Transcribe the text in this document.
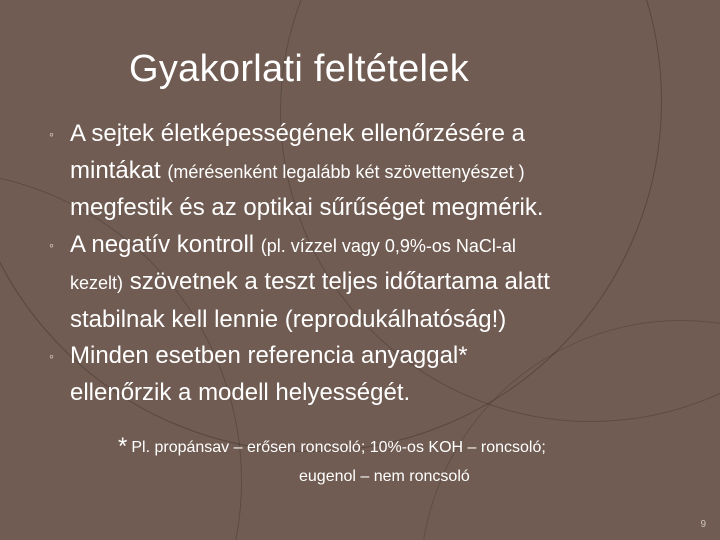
Gyakorlati feltételek
◦ A sejtek életképességének ellenőrzésére a
mintákat (mérésenként legalább két szövettenyészet )
megfestik és az optikai sűrűséget megmérik.
◦ A negatív kontroll (pl. vízzel vagy 0,9%-os NaCl-al
kezelt) szövetnek a teszt teljes időtartama alatt
stabilnak kell lennie (reprodukálhatóság!)
◦ Minden esetben referencia anyaggal*
ellenőrzik a modell helyességét.
* Pl. propánsav – erősen roncsoló; 10%-os KOH – roncsoló;
eugenol – nem roncsoló
9
